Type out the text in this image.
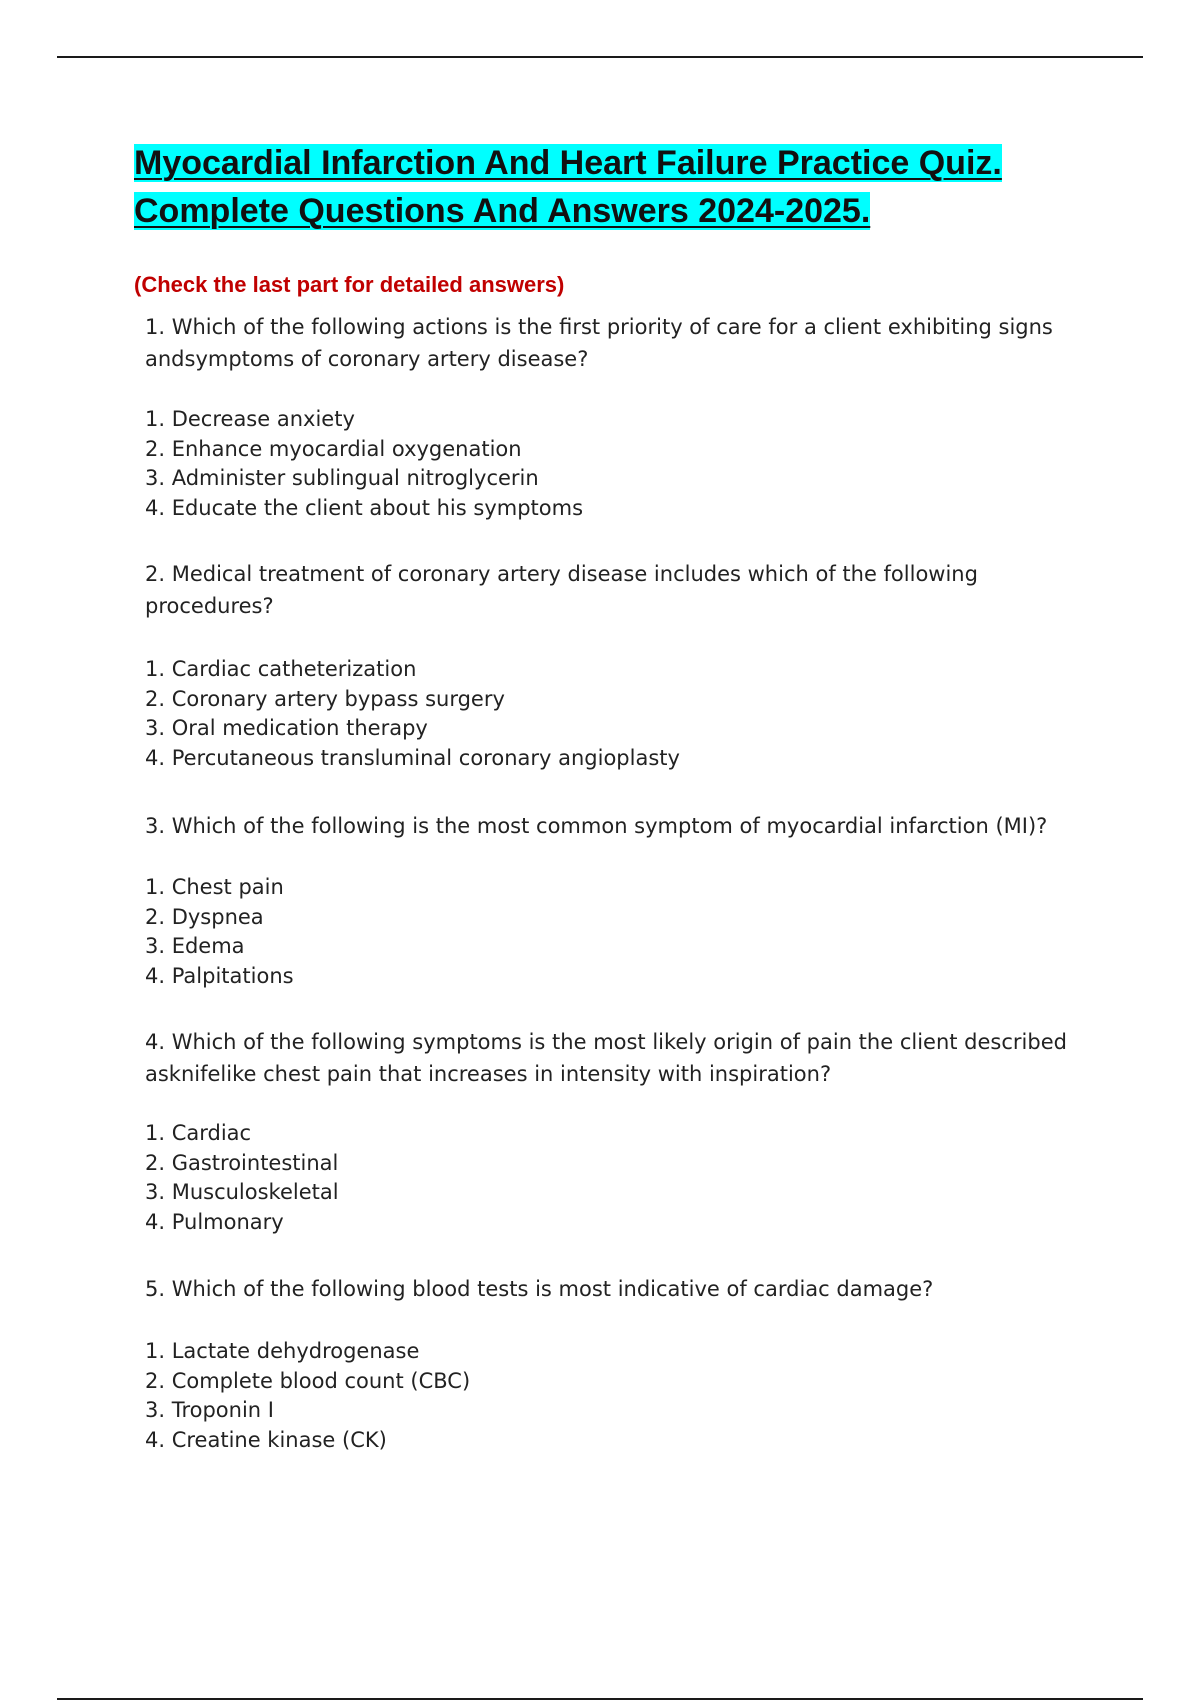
Myocardial Infarction And Heart Failure Practice Quiz.
Complete Questions And Answers 2024-2025.

(Check the last part for detailed answers)

1. Which of the following actions is the first priority of care for a client exhibiting signs andsymptoms of coronary artery disease?

1. Decrease anxiety
2. Enhance myocardial oxygenation
3. Administer sublingual nitroglycerin
4. Educate the client about his symptoms

2. Medical treatment of coronary artery disease includes which of the following procedures?

1. Cardiac catheterization
2. Coronary artery bypass surgery
3. Oral medication therapy
4. Percutaneous transluminal coronary angioplasty

3. Which of the following is the most common symptom of myocardial infarction (MI)?

1. Chest pain
2. Dyspnea
3. Edema
4. Palpitations

4. Which of the following symptoms is the most likely origin of pain the client described asknifelike chest pain that increases in intensity with inspiration?

1. Cardiac
2. Gastrointestinal
3. Musculoskeletal
4. Pulmonary

5. Which of the following blood tests is most indicative of cardiac damage?

1. Lactate dehydrogenase
2. Complete blood count (CBC)
3. Troponin I
4. Creatine kinase (CK)
